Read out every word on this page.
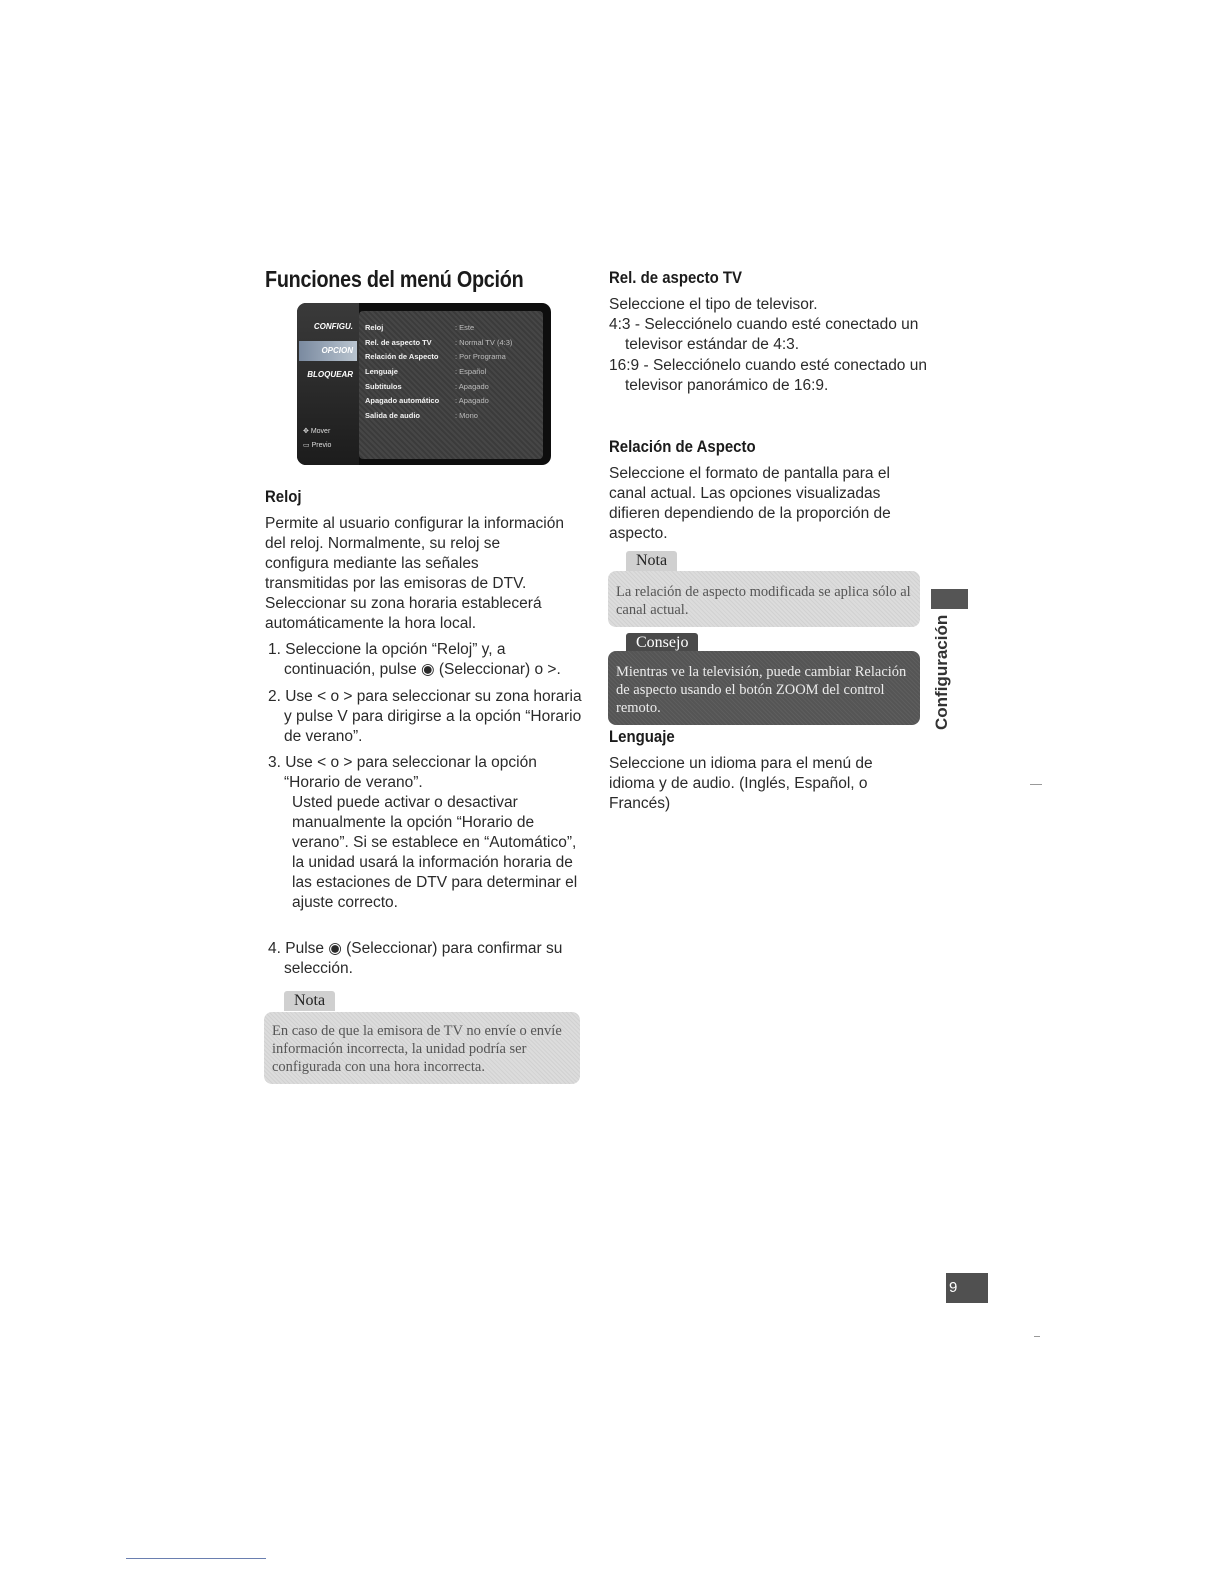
Funciones del menú Opción
CONFIGU.
OPCION
BLOQUEAR
Reloj	: Este
Rel. de aspecto TV	: Normal TV (4:3)
Relación de Aspecto : Por Programa
Lenguaje	: Español
Subtitulos	: Apagado
Apagado automático : Apagado
Salida de audio	: Mono
✥ Mover
▭ Previo
Reloj
Permite al usuario configurar la información del reloj. Normalmente, su reloj se configura mediante las señales transmitidas por las emisoras de DTV. Seleccionar su zona horaria establecerá automáticamente la hora local.
1. Seleccione la opción “Reloj” y, a continuación, pulse ◉ (Seleccionar) o >.
2. Use < o > para seleccionar su zona horaria y pulse V para dirigirse a la opción “Horario de verano”.
3. Use < o > para seleccionar la opción “Horario de verano”.
Usted puede activar o desactivar manualmente la opción “Horario de verano”. Si se establece en “Automático”, la unidad usará la información horaria de las estaciones de DTV para determinar el ajuste correcto.
4. Pulse ◉ (Seleccionar) para confirmar su selección.
Nota
En caso de que la emisora de TV no envíe o envíe información incorrecta, la unidad podría ser configurada con una hora incorrecta.
Rel. de aspecto TV
Seleccione el tipo de televisor.
4:3 - Selecciónelo cuando esté conectado un televisor estándar de 4:3.
16:9 - Selecciónelo cuando esté conectado un televisor panorámico de 16:9.
Relación de Aspecto
Seleccione el formato de pantalla para el canal actual. Las opciones visualizadas difieren dependiendo de la proporción de aspecto.
Nota
La relación de aspecto modificada se aplica sólo al canal actual.
Consejo
Mientras ve la televisión, puede cambiar Relación de aspecto usando el botón ZOOM del control remoto.
Lenguaje
Seleccione un idioma para el menú de idioma y de audio. (Inglés, Español, o Francés)
Configuración
9
